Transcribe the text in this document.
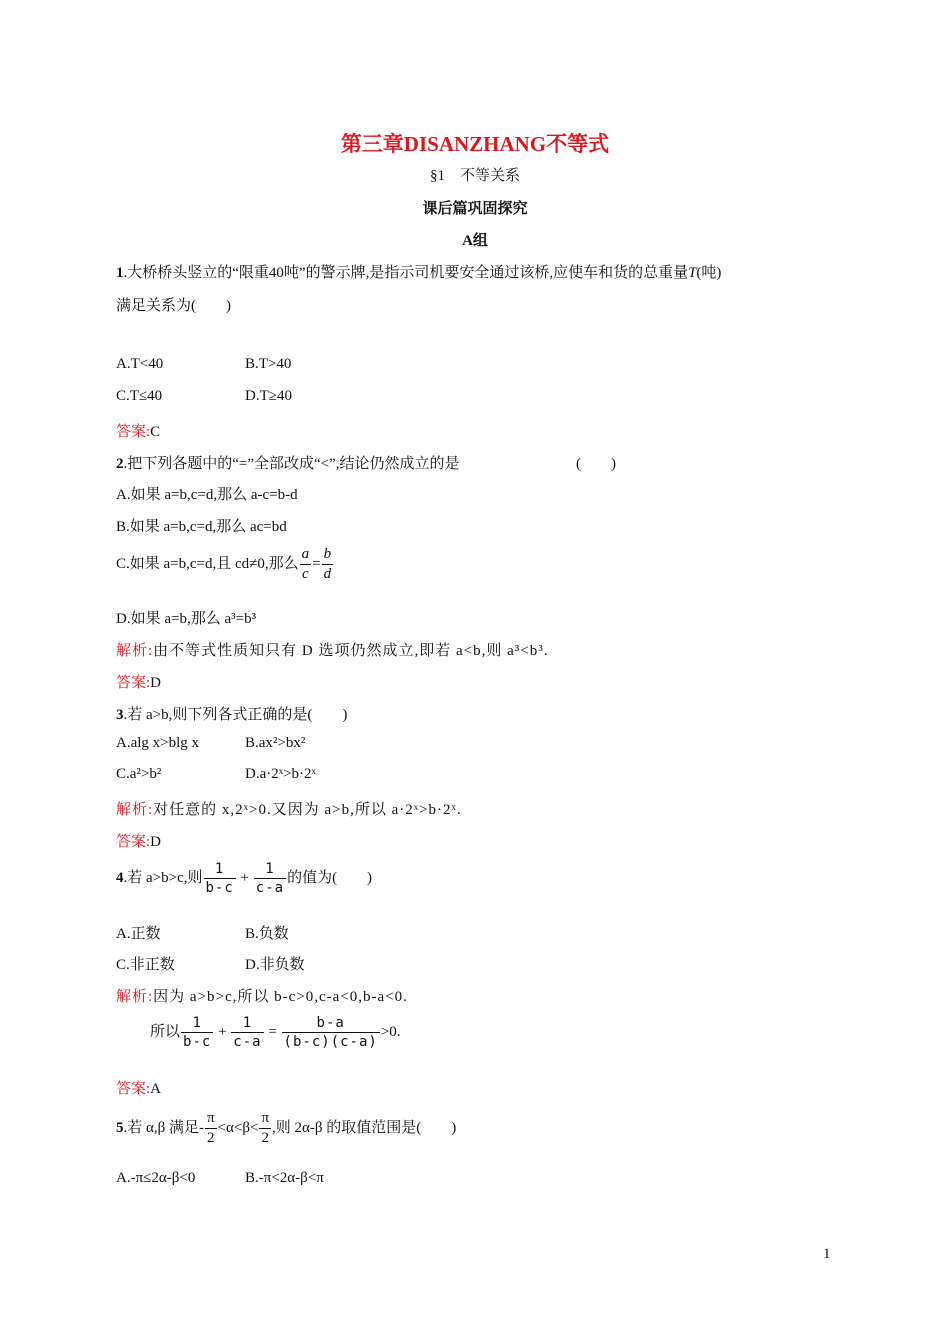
第三章DISANZHANG不等式
§1　不等关系
课后篇巩固探究
A组
1.大桥桥头竖立的“限重40吨”的警示牌,是指示司机要安全通过该桥,应使车和货的总重量T(吨)
满足关系为(　　)
A.T<40	B.T>40
C.T≤40	D.T≥40
答案:C
2.把下列各题中的“=”全部改成“<”,结论仍然成立的是	(　　)
A.如果 a=b,c=d,那么 a-c=b-d
B.如果 a=b,c=d,那么 ac=bd
C.如果 a=b,c=d,且 cd≠0,那么 $\frac{a}{c} = \frac{b}{d}$
D.如果 a=b,那么 a³=b³
解析:由不等式性质知只有 D 选项仍然成立,即若 a<b,则 a³<b³.
答案:D
3.若 a>b,则下列各式正确的是(　　)
A.alg x>blg x	B.ax²>bx²
C.a²>b²	D.a·2ˣ>b·2ˣ
解析:对任意的 x,2ˣ>0.又因为 a>b,所以 a·2ˣ>b·2ˣ.
答案:D
4.若 a>b>c,则 $\frac{1}{b-c} + \frac{1}{c-a}$ 的值为(　　)
A.正数	B.负数
C.非正数	D.非负数
解析:因为 a>b>c,所以 b-c>0,c-a<0,b-a<0.
所以 $\frac{1}{b-c} + \frac{1}{c-a} = \frac{b-a}{(b-c)(c-a)} >0$.
答案:A
5.若 α,β 满足- $\frac{\pi}{2} <\alpha<\beta< \frac{\pi}{2}$ ,则 2α-β 的取值范围是(　　)
A.-π≤2α-β<0	B.-π<2α-β<π
1
